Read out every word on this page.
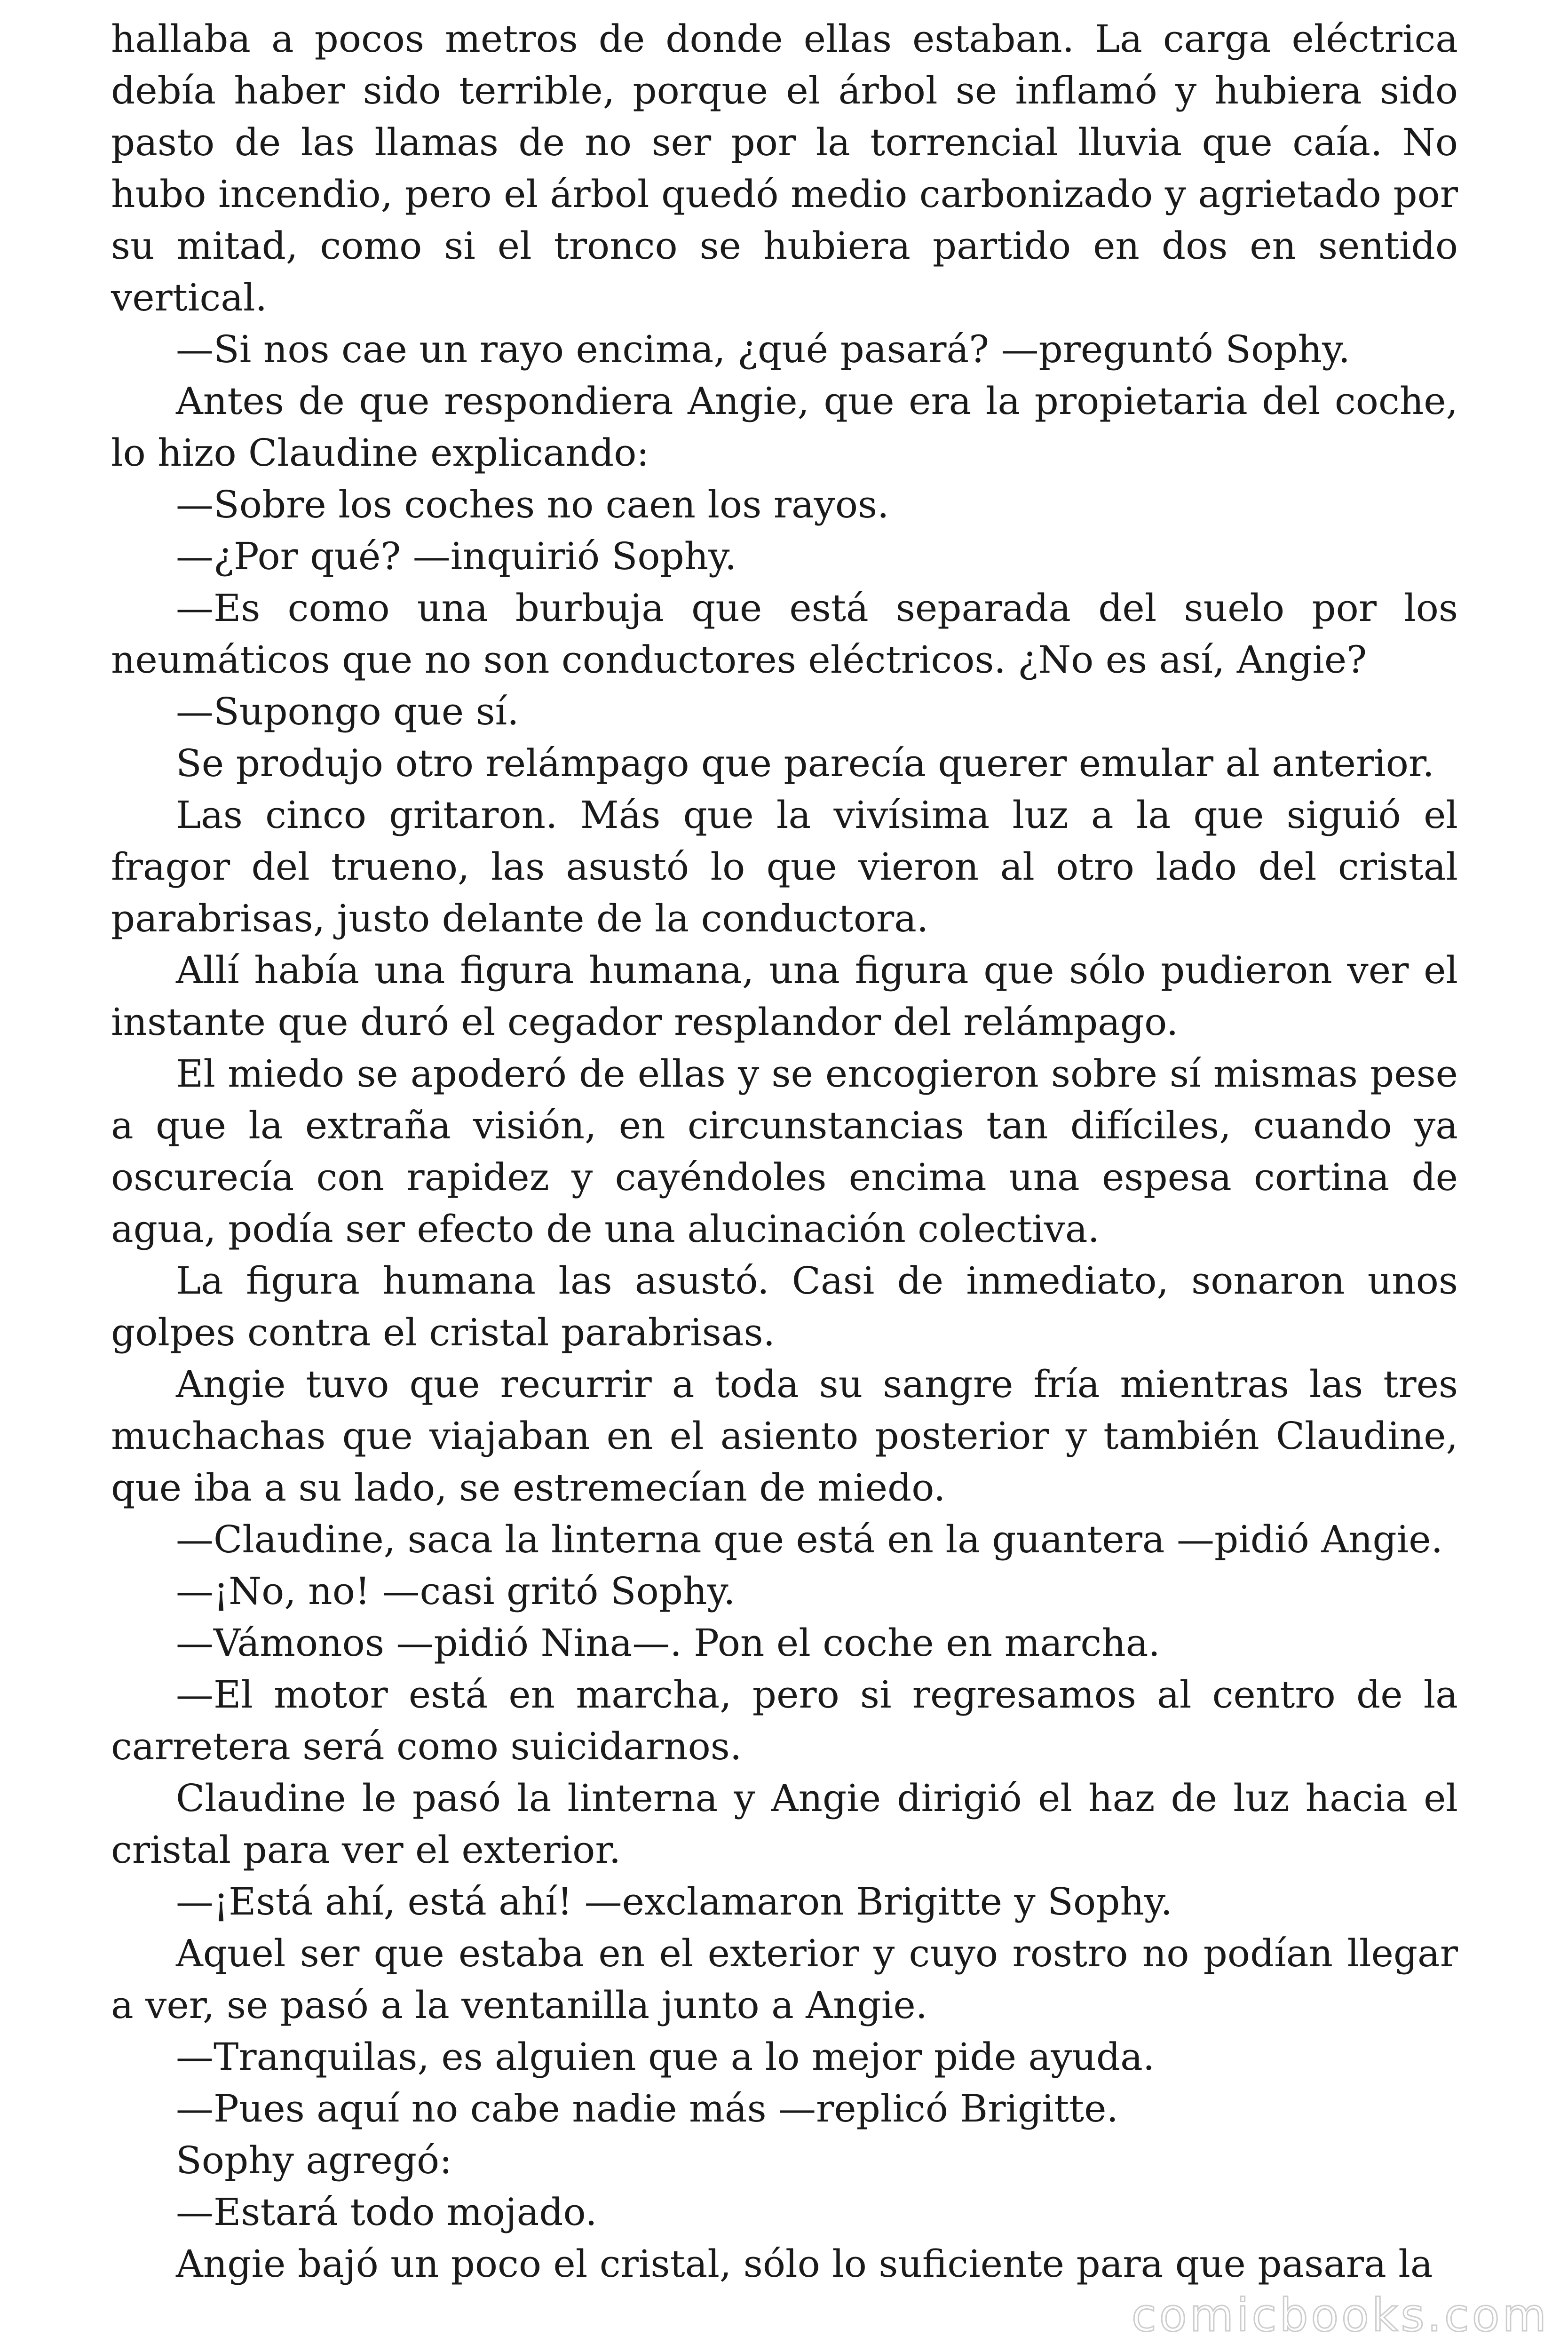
hallaba a pocos metros de donde ellas estaban. La carga eléctrica debía haber sido terrible, porque el árbol se inflamó y hubiera sido pasto de las llamas de no ser por la torrencial lluvia que caía. No hubo incendio, pero el árbol quedó medio carbonizado y agrietado por su mitad, como si el tronco se hubiera partido en dos en sentido vertical.

—Si nos cae un rayo encima, ¿qué pasará? —preguntó Sophy.

Antes de que respondiera Angie, que era la propietaria del coche, lo hizo Claudine explicando:

—Sobre los coches no caen los rayos.

—¿Por qué? —inquirió Sophy.

—Es como una burbuja que está separada del suelo por los neumáticos que no son conductores eléctricos. ¿No es así, Angie?

—Supongo que sí.

Se produjo otro relámpago que parecía querer emular al anterior.

Las cinco gritaron. Más que la vivísima luz a la que siguió el fragor del trueno, las asustó lo que vieron al otro lado del cristal parabrisas, justo delante de la conductora.

Allí había una figura humana, una figura que sólo pudieron ver el instante que duró el cegador resplandor del relámpago.

El miedo se apoderó de ellas y se encogieron sobre sí mismas pese a que la extraña visión, en circunstancias tan difíciles, cuando ya oscurecía con rapidez y cayéndoles encima una espesa cortina de agua, podía ser efecto de una alucinación colectiva.

La figura humana las asustó. Casi de inmediato, sonaron unos golpes contra el cristal parabrisas.

Angie tuvo que recurrir a toda su sangre fría mientras las tres muchachas que viajaban en el asiento posterior y también Claudine, que iba a su lado, se estremecían de miedo.

—Claudine, saca la linterna que está en la guantera —pidió Angie.

—¡No, no! —casi gritó Sophy.

—Vámonos —pidió Nina—. Pon el coche en marcha.

—El motor está en marcha, pero si regresamos al centro de la carretera será como suicidarnos.

Claudine le pasó la linterna y Angie dirigió el haz de luz hacia el cristal para ver el exterior.

—¡Está ahí, está ahí! —exclamaron Brigitte y Sophy.

Aquel ser que estaba en el exterior y cuyo rostro no podían llegar a ver, se pasó a la ventanilla junto a Angie.

—Tranquilas, es alguien que a lo mejor pide ayuda.

—Pues aquí no cabe nadie más —replicó Brigitte.

Sophy agregó:

—Estará todo mojado.

Angie bajó un poco el cristal, sólo lo suficiente para que pasara la

comicbooks.com
